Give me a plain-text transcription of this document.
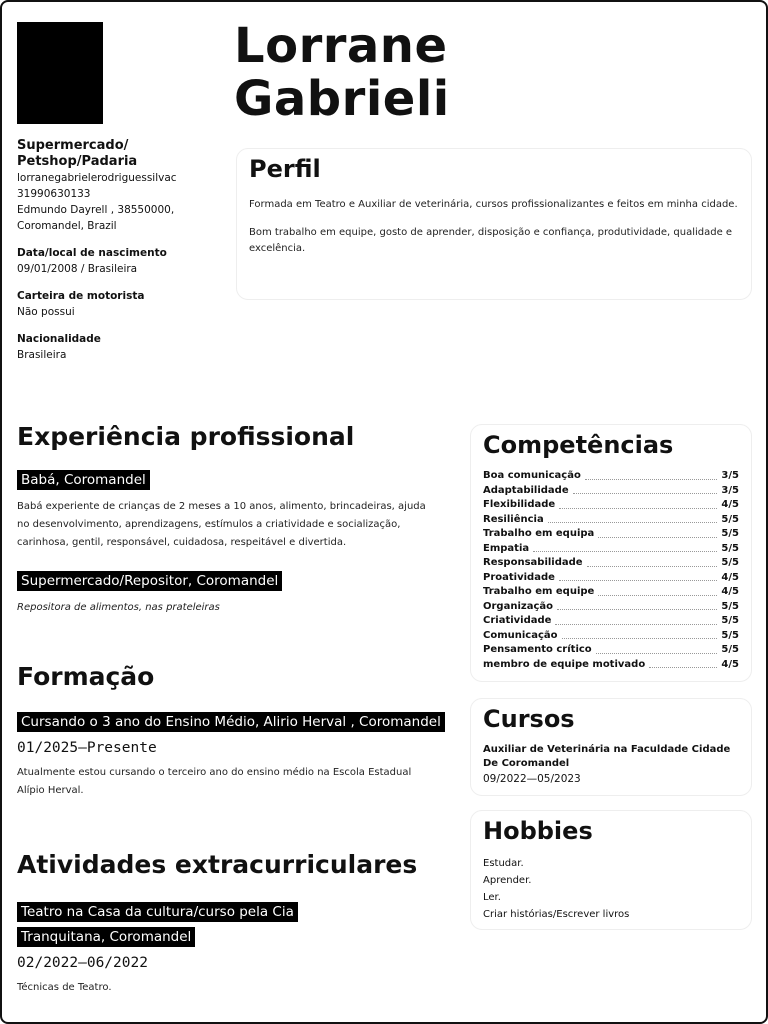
Supermercado/
Petshop/Padaria
lorranegabrielerodriguessilvac
31990630133
Edmundo Dayrell , 38550000,
Coromandel, Brazil
Data/local de nascimento
09/01/2008 / Brasileira
Carteira de motorista
Não possui
Nacionalidade
Brasileira
Lorrane
Gabrieli
Perfil

Formada em Teatro e Auxiliar de veterinária, cursos profissionalizantes e feitos em minha cidade.

Bom trabalho em equipe, gosto de aprender, disposição e confiança, produtividade, qualidade e excelência.

Experiência profissional
Babá, Coromandel
Babá experiente de crianças de 2 meses a 10 anos, alimento, brincadeiras, ajuda no desenvolvimento, aprendizagens, estímulos a criatividade e socialização, carinhosa, gentil, responsável, cuidadosa, respeitável e divertida.
Supermercado/Repositor, Coromandel
Repositora de alimentos, nas prateleiras
Formação
Cursando o 3 ano do Ensino Médio, Alirio Herval , Coromandel
01/2025—Presente
Atualmente estou cursando o terceiro ano do ensino médio na Escola Estadual Alípio Herval.
Atividades extracurriculares
Teatro na Casa da cultura/curso pela Cia Tranquitana, Coromandel
02/2022—06/2022
Técnicas de Teatro.
Competências
Boa comunicação	3/5
Adaptabilidade	3/5
Flexibilidade	4/5
Resiliência	5/5
Trabalho em equipa	5/5
Empatia	5/5
Responsabilidade	5/5
Proatividade	4/5
Trabalho em equipe	4/5
Organização	5/5
Criatividade	5/5
Comunicação	5/5
Pensamento crítico	5/5
membro de equipe motivado	4/5
Cursos
Auxiliar de Veterinária na Faculdade Cidade De Coromandel
09/2022—05/2023
Hobbies
Estudar.
Aprender.
Ler.
Criar histórias/Escrever livros
